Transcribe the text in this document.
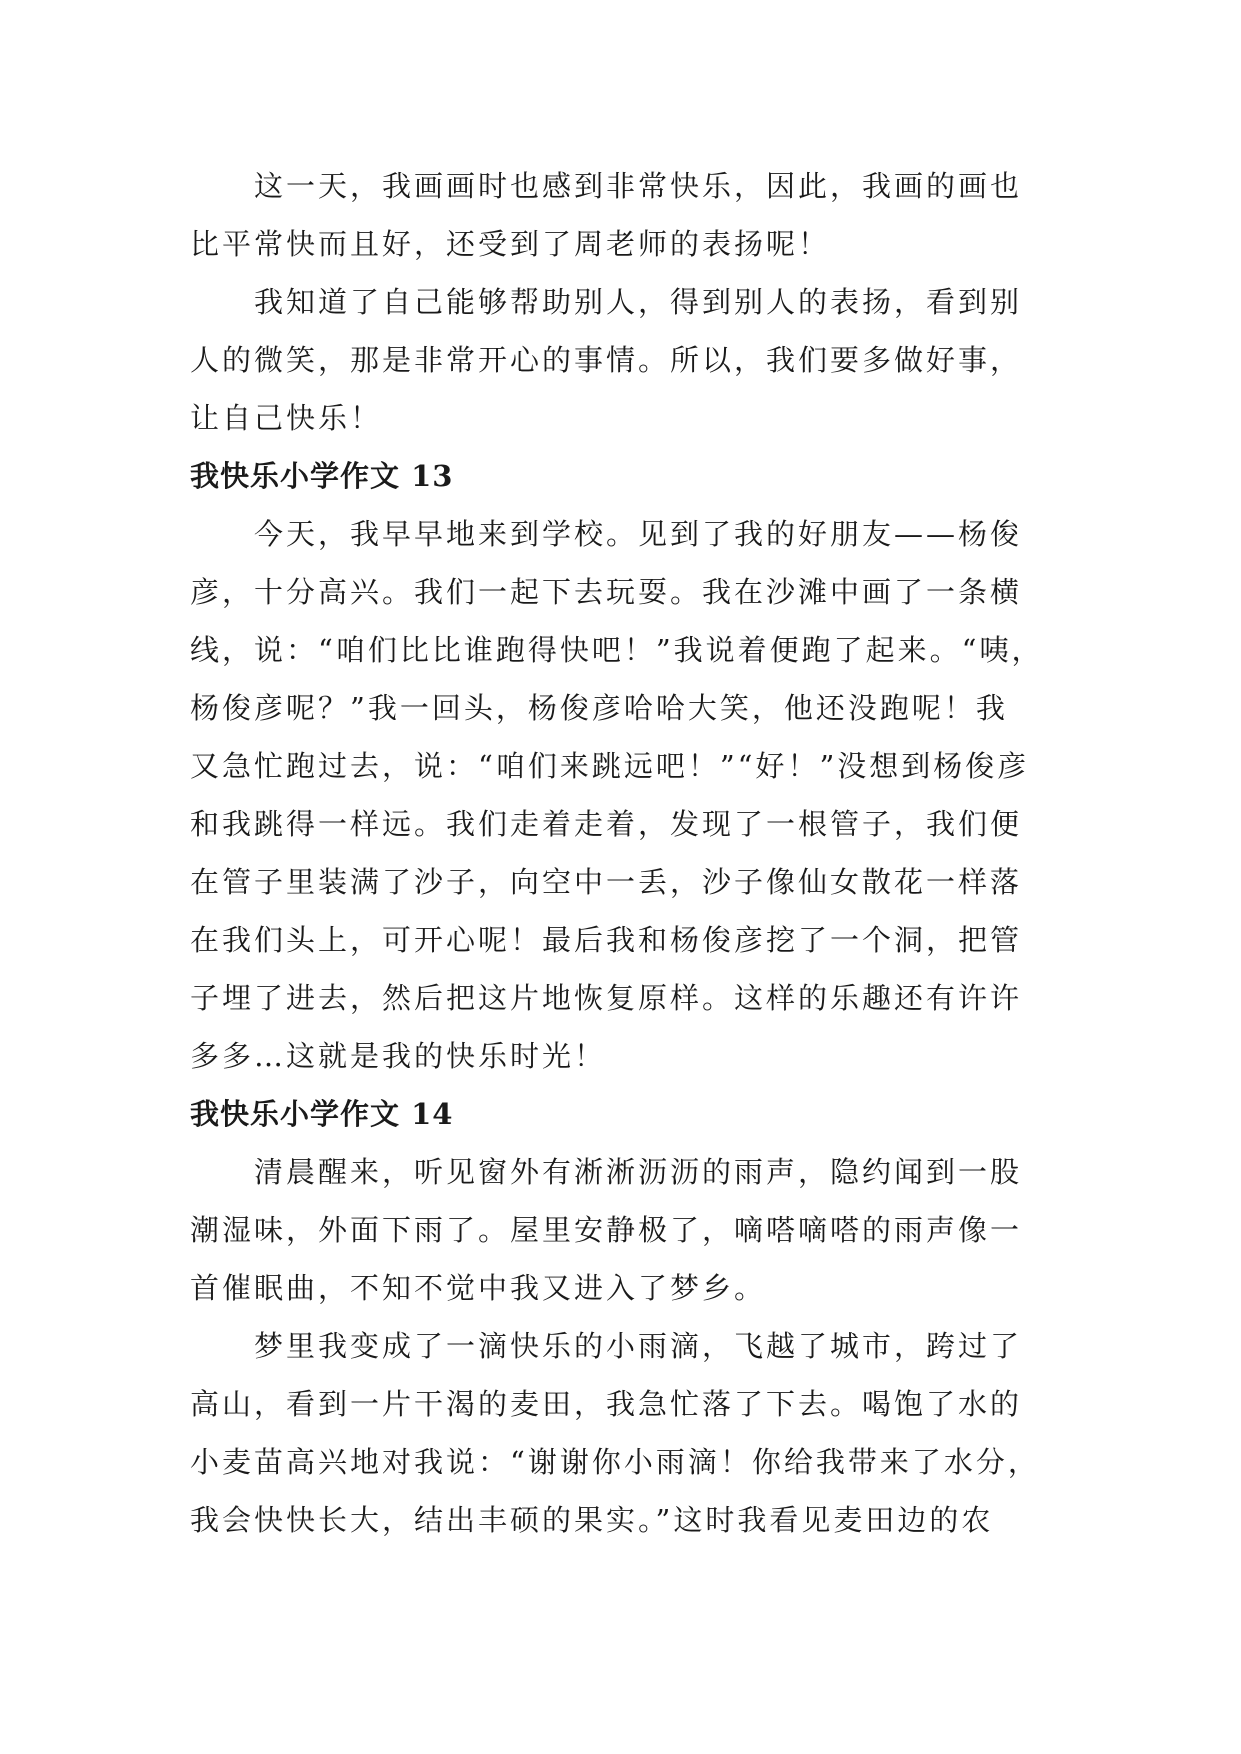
这一天，我画画时也感到非常快乐，因此，我画的画也
比平常快而且好，还受到了周老师的表扬呢！

我知道了自己能够帮助别人，得到别人的表扬，看到别
人的微笑，那是非常开心的事情。所以，我们要多做好事，
让自己快乐！

我快乐小学作文 13

今天，我早早地来到学校。见到了我的好朋友——杨俊
彦，十分高兴。我们一起下去玩耍。我在沙滩中画了一条横
线，说：“咱们比比谁跑得快吧！”我说着便跑了起来。“咦，
杨俊彦呢？”我一回头，杨俊彦哈哈大笑，他还没跑呢！我
又急忙跑过去，说：“咱们来跳远吧！”“好！”没想到杨俊彦
和我跳得一样远。我们走着走着，发现了一根管子，我们便
在管子里装满了沙子，向空中一丢，沙子像仙女散花一样落
在我们头上，可开心呢！最后我和杨俊彦挖了一个洞，把管
子埋了进去，然后把这片地恢复原样。这样的乐趣还有许许
多多…这就是我的快乐时光！

我快乐小学作文 14

清晨醒来，听见窗外有淅淅沥沥的雨声，隐约闻到一股
潮湿味，外面下雨了。屋里安静极了，嘀嗒嘀嗒的雨声像一
首催眠曲，不知不觉中我又进入了梦乡。

梦里我变成了一滴快乐的小雨滴，飞越了城市，跨过了
高山，看到一片干渴的麦田，我急忙落了下去。喝饱了水的
小麦苗高兴地对我说：“谢谢你小雨滴！你给我带来了水分，
我会快快长大，结出丰硕的果实。”这时我看见麦田边的农
